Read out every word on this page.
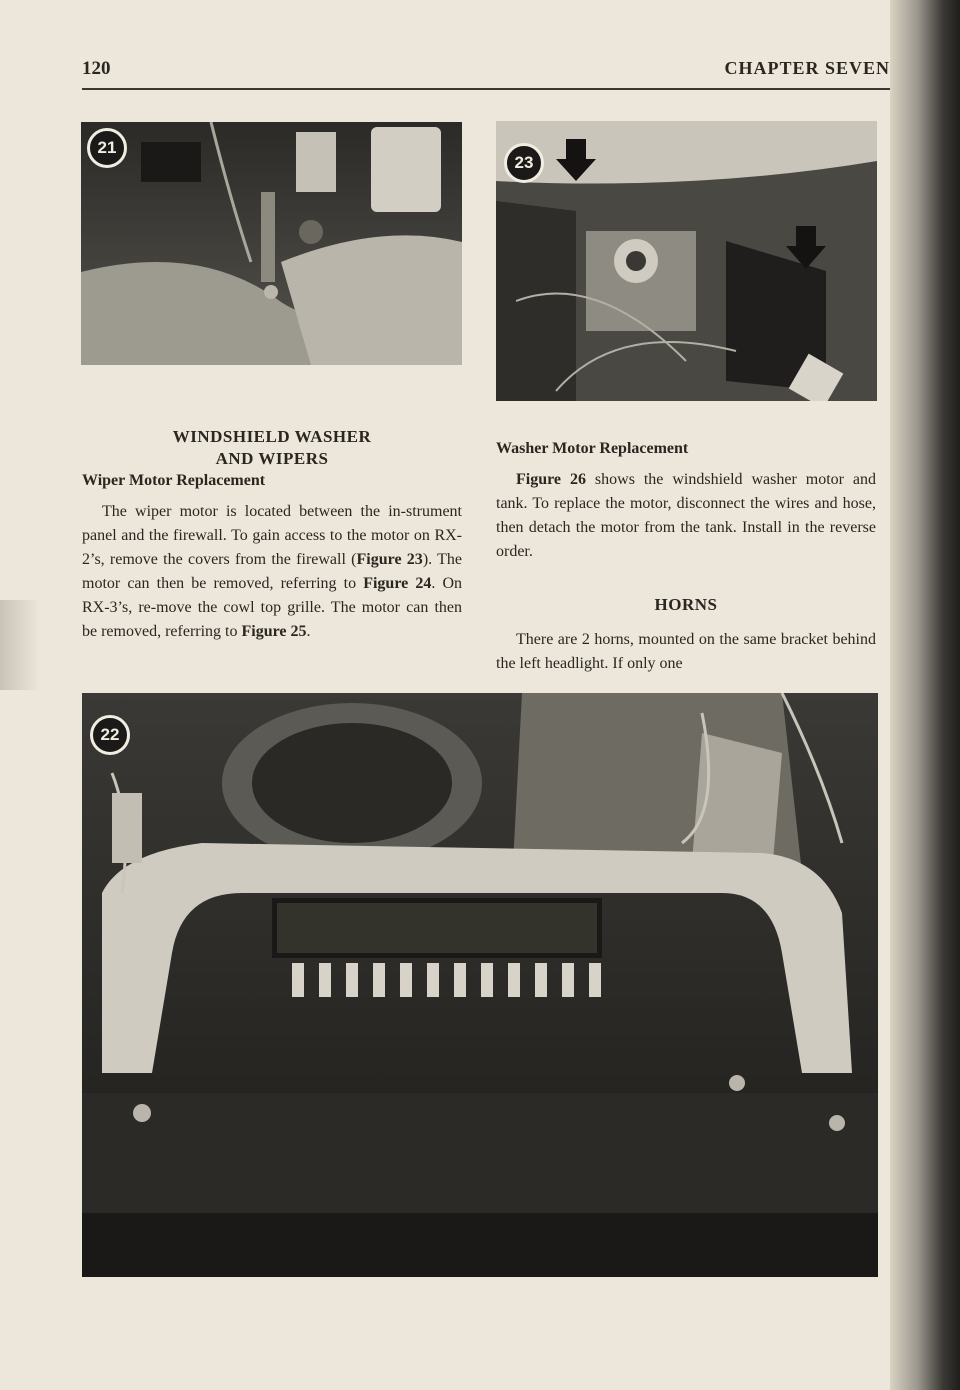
120	CHAPTER SEVEN
21
23

WINDSHIELD WASHER
AND WIPERS

Wiper Motor Replacement

The wiper motor is located between the in-strument panel and the firewall. To gain access to the motor on RX-2’s, remove the covers from the firewall (Figure 23). The motor can then be removed, referring to Figure 24. On RX-3’s, re-move the cowl top grille. The motor can then be removed, referring to Figure 25.

Washer Motor Replacement

Figure 26 shows the windshield washer motor and tank. To replace the motor, disconnect the wires and hose, then detach the motor from the tank. Install in the reverse order.

HORNS

There are 2 horns, mounted on the same bracket behind the left headlight. If only one

22
